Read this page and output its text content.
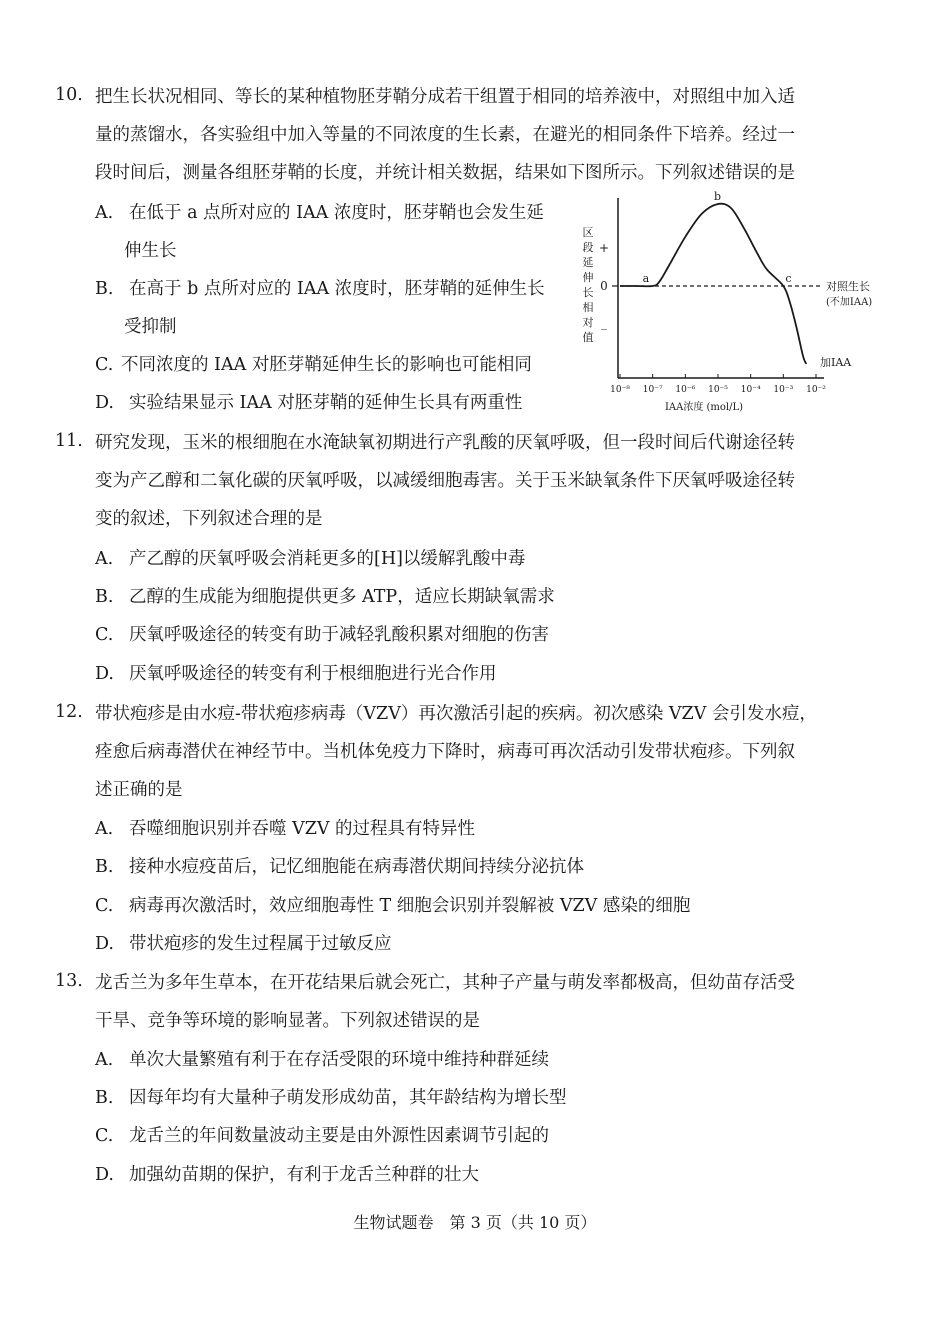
10. 把生长状况相同、等长的某种植物胚芽鞘分成若干组置于相同的培养液中，对照组中加入适
量的蒸馏水，各实验组中加入等量的不同浓度的生长素，在避光的相同条件下培养。经过一
段时间后，测量各组胚芽鞘的长度，并统计相关数据，结果如下图所示。下列叙述错误的是
A. 在低于 a 点所对应的 IAA 浓度时，胚芽鞘也会发生延
伸生长
B. 在高于 b 点所对应的 IAA 浓度时，胚芽鞘的延伸生长
受抑制
C. 不同浓度的 IAA 对胚芽鞘延伸生长的影响也可能相同
D. 实验结果显示 IAA 对胚芽鞘的延伸生长具有两重性
区段延伸长相对值
+
0
_
10⁻⁸ 10⁻⁷ 10⁻⁶ 10⁻⁵ 10⁻⁴ 10⁻³ 10⁻²
a
b
c
对照生长
(不加IAA)
加IAA
IAA浓度 (mol/L)
11. 研究发现，玉米的根细胞在水淹缺氧初期进行产乳酸的厌氧呼吸，但一段时间后代谢途径转
变为产乙醇和二氧化碳的厌氧呼吸，以减缓细胞毒害。关于玉米缺氧条件下厌氧呼吸途径转
变的叙述，下列叙述合理的是
A. 产乙醇的厌氧呼吸会消耗更多的[H]以缓解乳酸中毒
B. 乙醇的生成能为细胞提供更多 ATP，适应长期缺氧需求
C. 厌氧呼吸途径的转变有助于减轻乳酸积累对细胞的伤害
D. 厌氧呼吸途径的转变有利于根细胞进行光合作用
12. 带状疱疹是由水痘-带状疱疹病毒（VZV）再次激活引起的疾病。初次感染 VZV 会引发水痘，
痊愈后病毒潜伏在神经节中。当机体免疫力下降时，病毒可再次活动引发带状疱疹。下列叙
述正确的是
A. 吞噬细胞识别并吞噬 VZV 的过程具有特异性
B. 接种水痘疫苗后，记忆细胞能在病毒潜伏期间持续分泌抗体
C. 病毒再次激活时，效应细胞毒性 T 细胞会识别并裂解被 VZV 感染的细胞
D. 带状疱疹的发生过程属于过敏反应
13. 龙舌兰为多年生草本，在开花结果后就会死亡，其种子产量与萌发率都极高，但幼苗存活受
干旱、竞争等环境的影响显著。下列叙述错误的是
A. 单次大量繁殖有利于在存活受限的环境中维持种群延续
B. 因每年均有大量种子萌发形成幼苗，其年龄结构为增长型
C. 龙舌兰的年间数量波动主要是由外源性因素调节引起的
D. 加强幼苗期的保护，有利于龙舌兰种群的壮大
生物试题卷　第 3 页（共 10 页）
